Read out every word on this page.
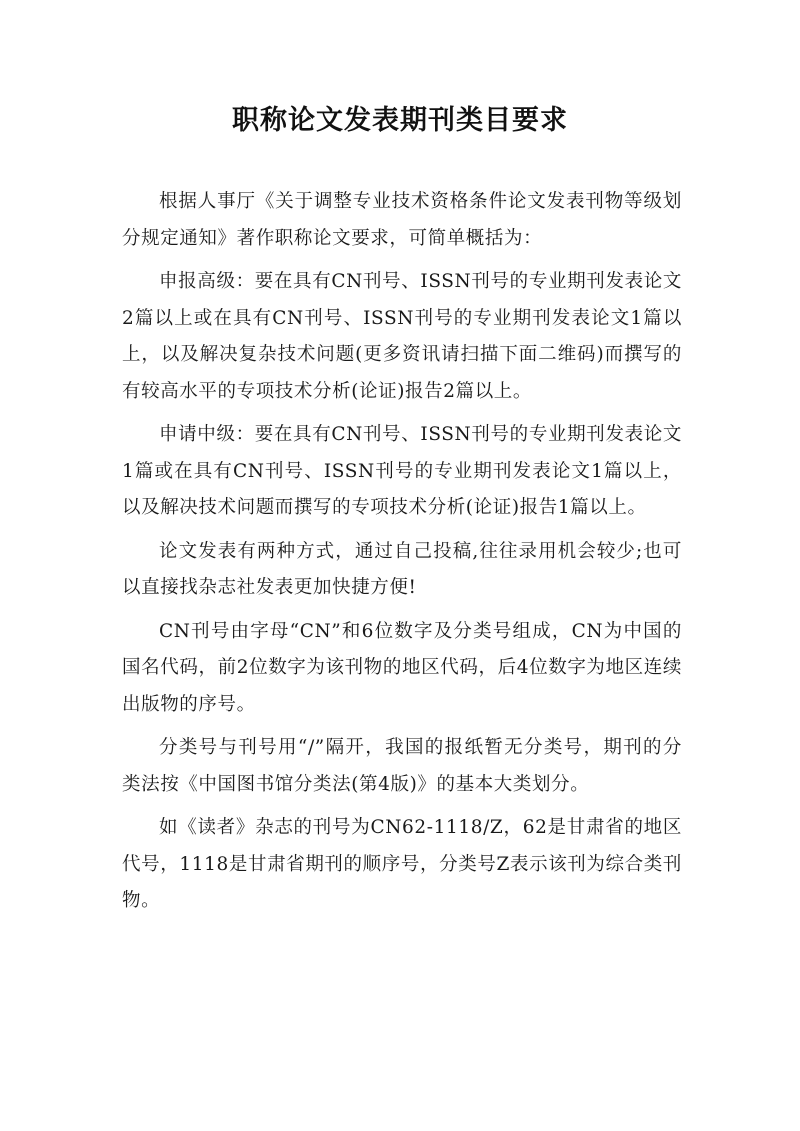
职称论文发表期刊类目要求

根据人事厅《关于调整专业技术资格条件论文发表刊物等级划分规定通知》著作职称论文要求，可简单概括为：

申报高级：要在具有CN刊号、ISSN刊号的专业期刊发表论文2篇以上或在具有CN刊号、ISSN刊号的专业期刊发表论文1篇以上，以及解决复杂技术问题(更多资讯请扫描下面二维码)而撰写的有较高水平的专项技术分析(论证)报告2篇以上。

申请中级：要在具有CN刊号、ISSN刊号的专业期刊发表论文1篇或在具有CN刊号、ISSN刊号的专业期刊发表论文1篇以上，以及解决技术问题而撰写的专项技术分析(论证)报告1篇以上。

论文发表有两种方式，通过自己投稿,往往录用机会较少;也可以直接找杂志社发表更加快捷方便!

CN刊号由字母“CN”和6位数字及分类号组成，CN为中国的国名代码，前2位数字为该刊物的地区代码，后4位数字为地区连续出版物的序号。

分类号与刊号用“/”隔开，我国的报纸暂无分类号，期刊的分类法按《中国图书馆分类法(第4版)》的基本大类划分。

如《读者》杂志的刊号为CN62-1118/Z，62是甘肃省的地区代号，1118是甘肃省期刊的顺序号，分类号Z表示该刊为综合类刊物。
